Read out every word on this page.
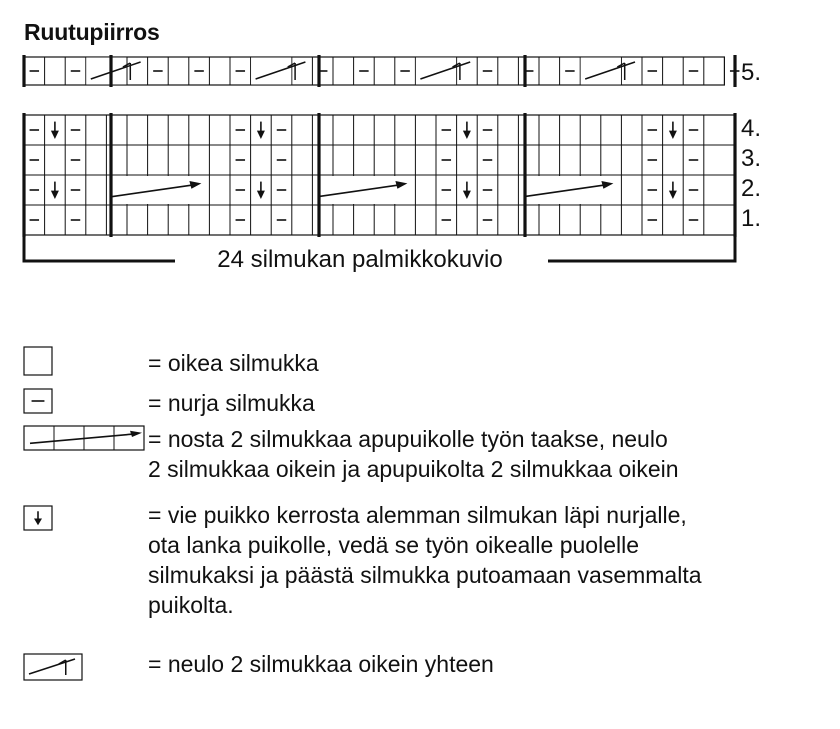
Ruutupiirros
5.
4.
3.
2.
1.
24 silmukan palmikkokuvio
= oikea silmukka
= nurja silmukka
= nosta 2 silmukkaa apupuikolle työn taakse, neulo
2 silmukkaa oikein ja apupuikolta 2 silmukkaa oikein
= vie puikko kerrosta alemman silmukan läpi nurjalle,
ota lanka puikolle, vedä se työn oikealle puolelle
silmukaksi ja päästä silmukka putoamaan vasemmalta
puikolta.
= neulo 2 silmukkaa oikein yhteen
